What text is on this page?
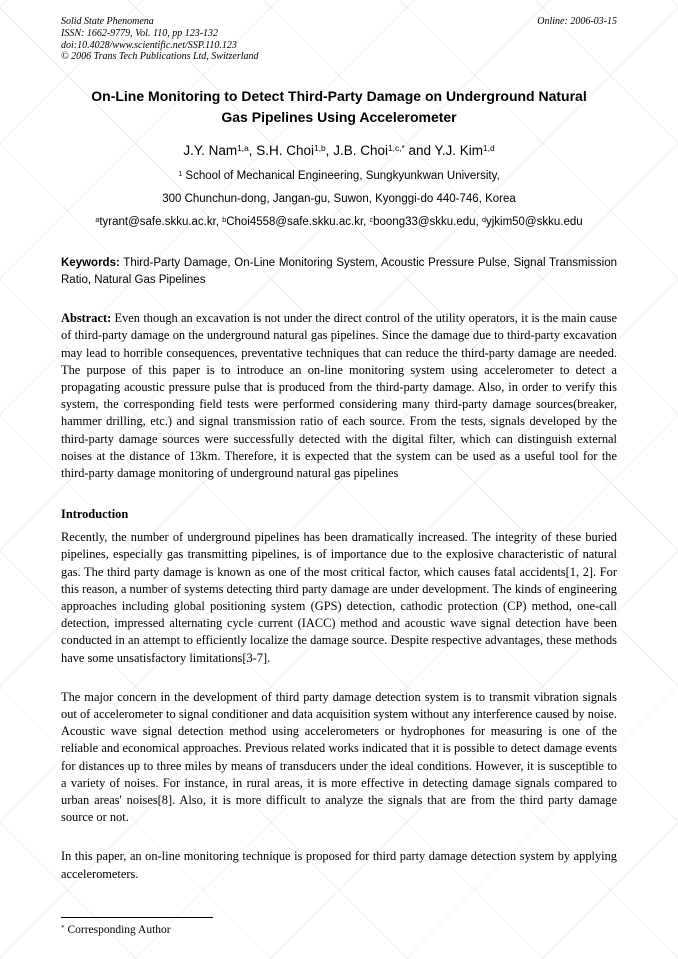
Solid State Phenomena
ISSN: 1662-9779, Vol. 110, pp 123-132
doi:10.4028/www.scientific.net/SSP.110.123
© 2006 Trans Tech Publications Ltd, Switzerland
Online: 2006-03-15
On-Line Monitoring to Detect Third-Party Damage on Underground Natural Gas Pipelines Using Accelerometer
J.Y. Nam$^{1,a}$, S.H. Choi$^{1,b}$, J.B. Choi$^{1,c,*}$ and Y.J. Kim$^{1,d}$
$^1$ School of Mechanical Engineering, Sungkyunkwan University,
300 Chunchun-dong, Jangan-gu, Suwon, Kyonggi-do 440-746, Korea
$^a$tyrant@safe.skku.ac.kr, $^b$Choi4558@safe.skku.ac.kr, $^c$boong33@skku.edu, $^d$yjkim50@skku.edu

Keywords: Third-Party Damage, On-Line Monitoring System, Acoustic Pressure Pulse, Signal Transmission Ratio, Natural Gas Pipelines

Abstract: Even though an excavation is not under the direct control of the utility operators, it is the main cause of third-party damage on the underground natural gas pipelines. Since the damage due to third-party excavation may lead to horrible consequences, preventative techniques that can reduce the third-party damage are needed. The purpose of this paper is to introduce an on-line monitoring system using accelerometer to detect a propagating acoustic pressure pulse that is produced from the third-party damage. Also, in order to verify this system, the corresponding field tests were performed considering many third-party damage sources(breaker, hammer drilling, etc.) and signal transmission ratio of each source. From the tests, signals developed by the third-party damage sources were successfully detected with the digital filter, which can distinguish external noises at the distance of 13km. Therefore, it is expected that the system can be used as a useful tool for the third-party damage monitoring of underground natural gas pipelines

Introduction

Recently, the number of underground pipelines has been dramatically increased. The integrity of these buried pipelines, especially gas transmitting pipelines, is of importance due to the explosive characteristic of natural gas. The third party damage is known as one of the most critical factor, which causes fatal accidents[1, 2]. For this reason, a number of systems detecting third party damage are under development. The kinds of engineering approaches including global positioning system (GPS) detection, cathodic protection (CP) method, one-call detection, impressed alternating cycle current (IACC) method and acoustic wave signal detection have been conducted in an attempt to efficiently localize the damage source. Despite respective advantages, these methods have some unsatisfactory limitations[3-7].

The major concern in the development of third party damage detection system is to transmit vibration signals out of accelerometer to signal conditioner and data acquisition system without any interference caused by noise. Acoustic wave signal detection method using accelerometers or hydrophones for measuring is one of the reliable and economical approaches. Previous related works indicated that it is possible to detect damage events for distances up to three miles by means of transducers under the ideal conditions. However, it is susceptible to a variety of noises. For instance, in rural areas, it is more effective in detecting damage signals compared to urban areas' noises[8]. Also, it is more difficult to analyze the signals that are from the third party damage source or not.

In this paper, an on-line monitoring technique is proposed for third party damage detection system by applying accelerometers.

* Corresponding Author
